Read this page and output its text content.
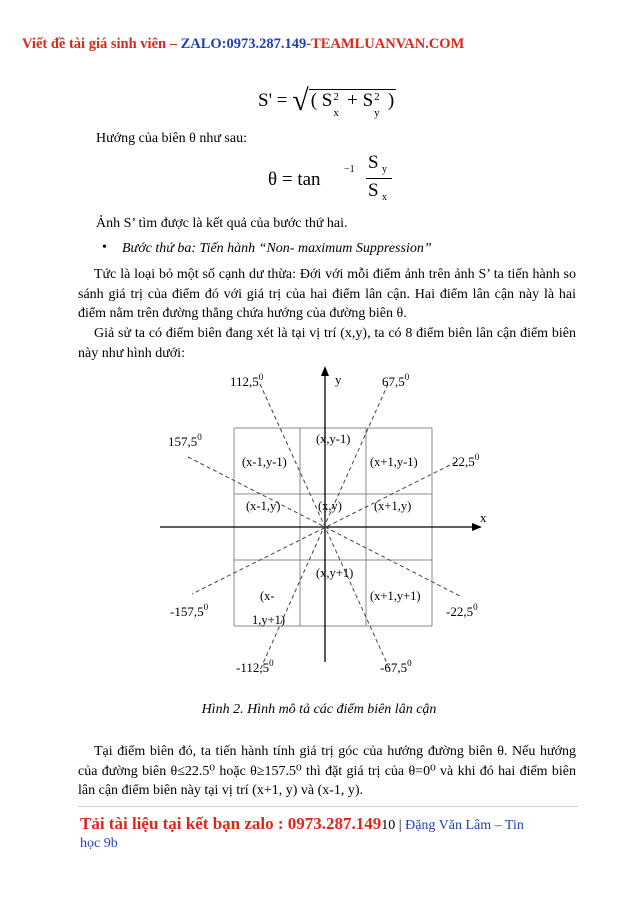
Viết đề tài giá sinh viên – ZALO:0973.287.149-TEAMLUANVAN.COM
S' = √ ( S 2
x
+ S 2
y
)
Hướng của biên θ như sau:
θ = tan −1 S y
S x
Ảnh S’ tìm được là kết quả của bước thứ hai.
• Bước thứ ba: Tiến hành “Non- maximum Suppression”
Tức là loại bỏ một số cạnh dư thừa: Đới với mỗi điểm ảnh trên ảnh S’ ta tiến hành so sánh giá trị của điểm đó với giá trị của hai điểm lân cận. Hai điểm lân cận này là hai điểm nằm trên đường thẳng chứa hướng của đường biên θ.
Giả sử ta có điểm biên đang xét là tại vị trí (x,y), ta có 8 điểm biên lân cận điểm biên này như hình dưới:
y
x
(x,y-1)
(x-1,y-1)	(x+1,y-1)
(x-1,y)	(x,y)	(x+1,y)
(x,y+1)
(x-
1,y+1)
(x+1,y+1)
112,5$^0$	67,5$^0$
157,5$^0$
22,5$^0$
-157,5$^0$	-22,5$^0$
-112,5$^0$	-67,5$^0$
Hình 2. Hình mô tả các điểm biên lân cận
Tại điểm biên đó, ta tiến hành tính giá trị góc của hướng đường biên θ. Nếu hướng của đường biên θ≤22.5⁰ hoặc θ≥157.5⁰ thì đặt giá trị của θ=0⁰ và khi đó hai điểm biên lân cận điểm biên này tại vị trí (x+1, y) và (x-1, y).
Tải tài liệu tại kết bạn zalo : 0973.287.14910 | Đặng Văn Lâm – Tin
học 9b
